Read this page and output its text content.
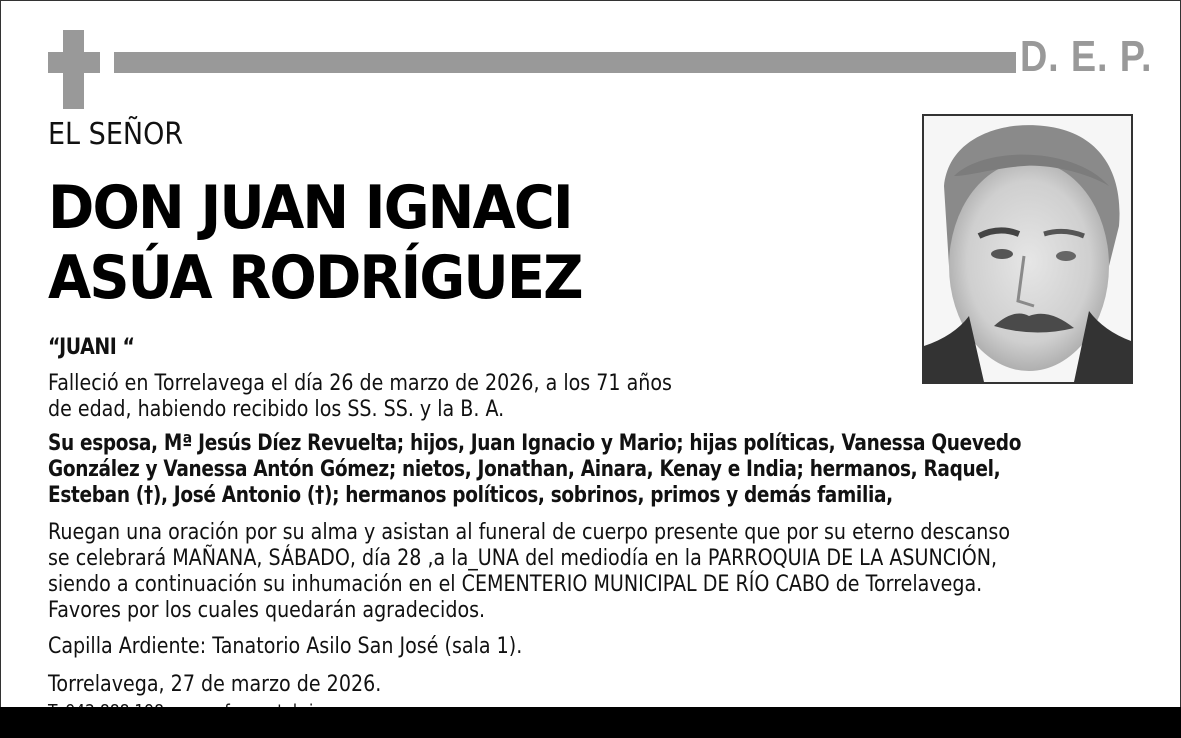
D. E. P.
EL SEÑOR
DON JUAN IGNACI
ASÚA RODRÍGUEZ
“JUANI “
Falleció en Torrelavega el día 26 de marzo de 2026, a los 71 años
de edad, habiendo recibido los SS. SS. y la B. A.
Su esposa, Mª Jesús Díez Revuelta; hijos, Juan Ignacio y Mario; hijas políticas, Vanessa Quevedo
González y Vanessa Antón Gómez; nietos, Jonathan, Ainara, Kenay e India; hermanos, Raquel,
Esteban (†), José Antonio (†); hermanos políticos, sobrinos, primos y demás familia,
Ruegan una oración por su alma y asistan al funeral de cuerpo presente que por su eterno descanso
se celebrará MAÑANA, SÁBADO, día 28 ,a la_UNA del mediodía en la PARROQUIA DE LA ASUNCIÓN,
siendo a continuación su inhumación en el CEMENTERIO MUNICIPAL DE RÍO CABO de Torrelavega.
Favores por los cuales quedarán agradecidos.
Capilla Ardiente: Tanatorio Asilo San José (sala 1).
Torrelavega, 27 de marzo de 2026.
